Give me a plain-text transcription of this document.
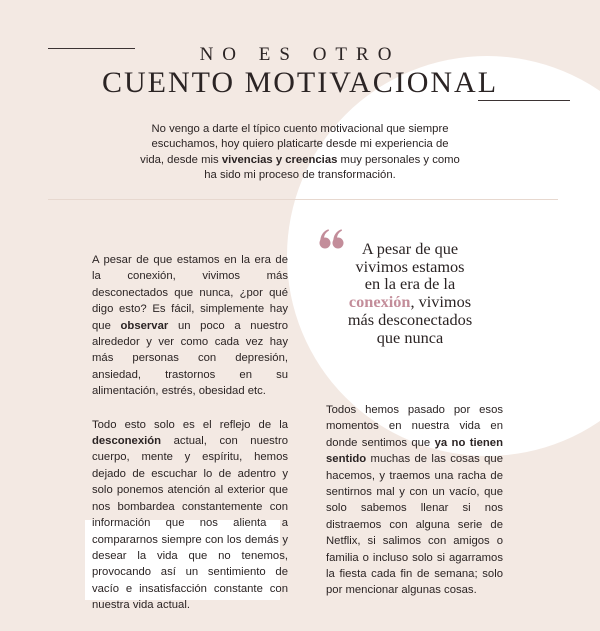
NO ES OTRO
CUENTO MOTIVACIONAL
No vengo a darte el típico cuento motivacional que siempre escuchamos, hoy quiero platicarte desde mi experiencia de vida, desde mis vivencias y creencias muy personales y como ha sido mi proceso de transformación.

A pesar de que estamos en la era de la conexión, vivimos más desconectados que nunca, ¿por qué digo esto? Es fácil, simplemente hay que observar un poco a nuestro alrededor y ver como cada vez hay más personas con depresión, ansiedad, trastornos en su alimentación, estrés, obesidad etc.

Todo esto solo es el reflejo de la desconexión actual, con nuestro cuerpo, mente y espíritu, hemos dejado de escuchar lo de adentro y solo ponemos atención al exterior que nos bombardea constantemente con información que nos alienta a compararnos siempre con los demás y desear la vida que no tenemos, provocando así un sentimiento de vacío e insatisfacción constante con nuestra vida actual.

A pesar de que vivimos estamos en la era de la conexión, vivimos más desconectados que nunca

Todos hemos pasado por esos momentos en nuestra vida en donde sentimos que ya no tienen sentido muchas de las cosas que hacemos, y traemos una racha de sentirnos mal y con un vacío, que solo sabemos llenar si nos distraemos con alguna serie de Netflix, si salimos con amigos o familia o incluso solo si agarramos la fiesta cada fin de semana; solo por mencionar algunas cosas.
